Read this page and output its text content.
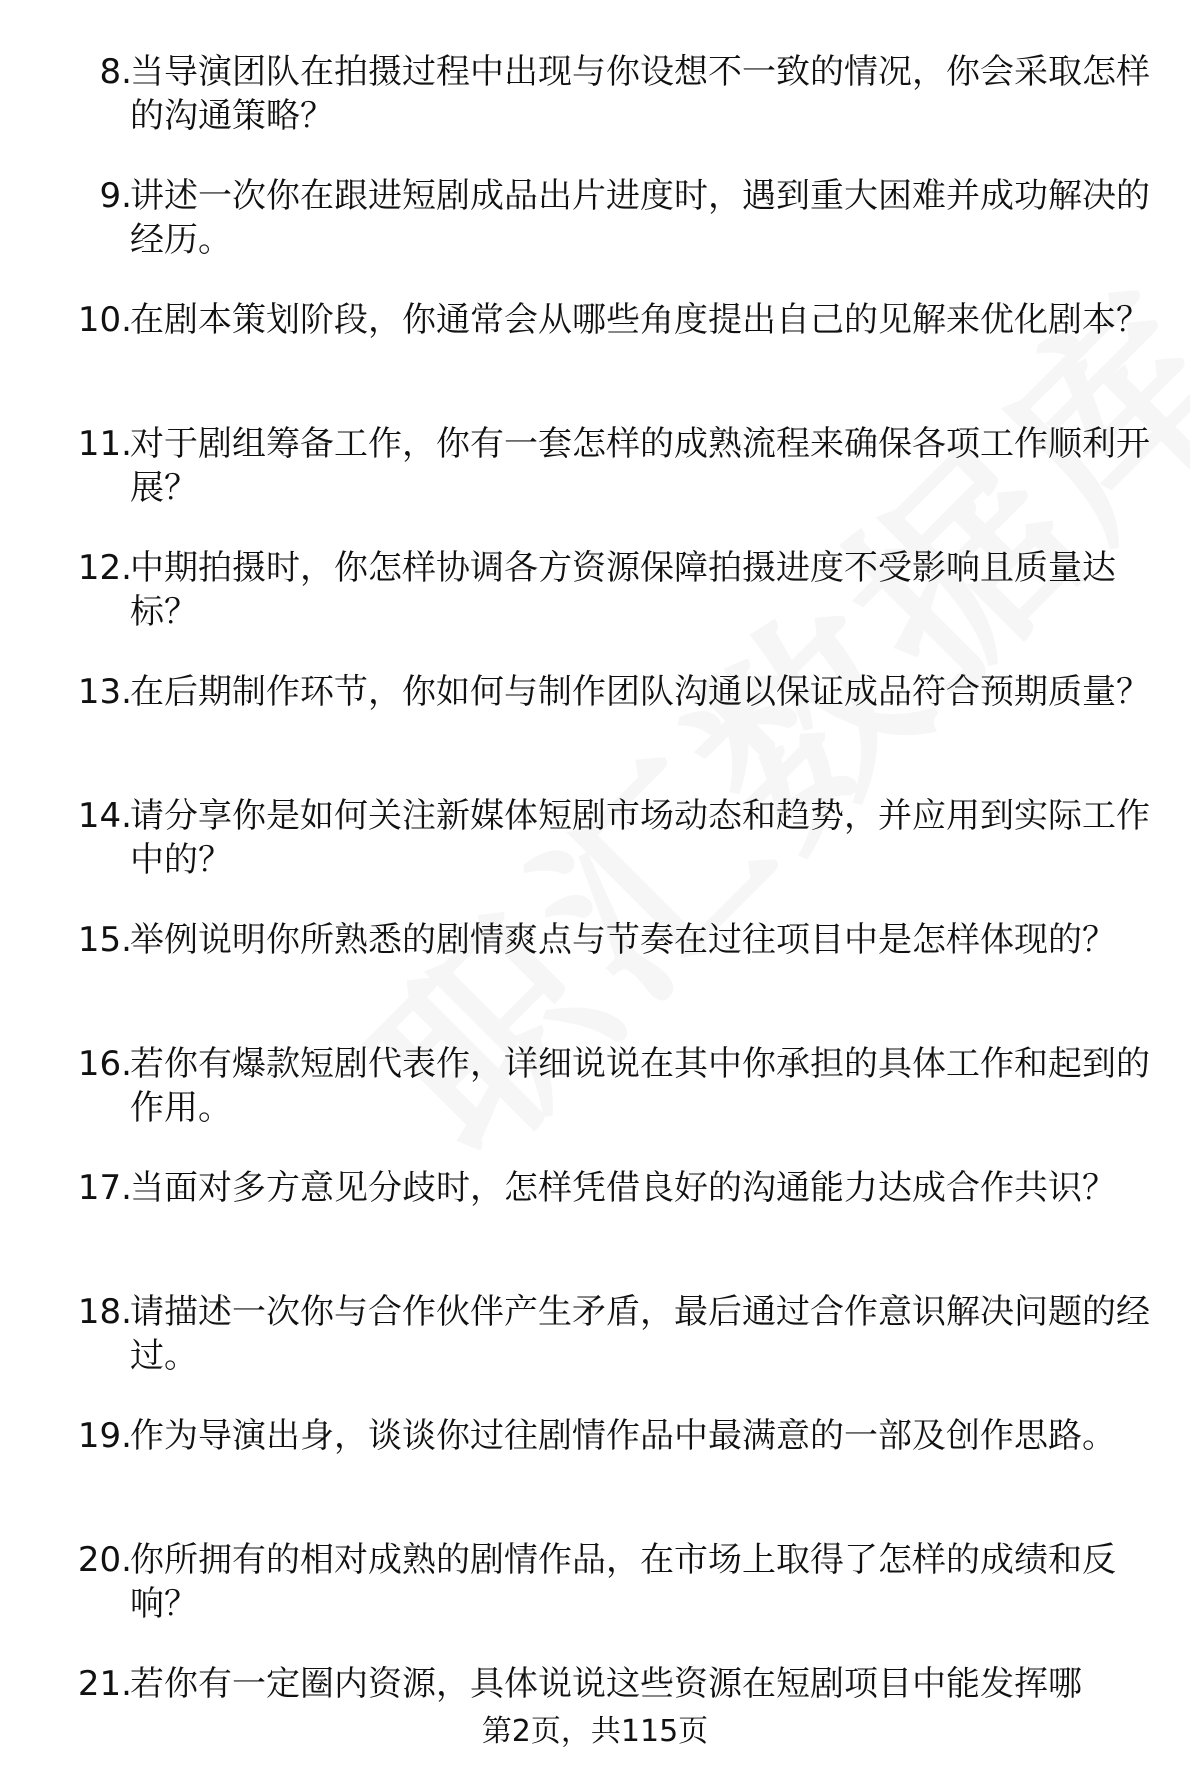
8.
当导演团队在拍摄过程中出现与你设想不一致的情况，你会采取怎样的沟通策略？
9.
讲述一次你在跟进短剧成品出片进度时，遇到重大困难并成功解决的经历。
10.
在剧本策划阶段，你通常会从哪些角度提出自己的见解来优化剧本？
11.
对于剧组筹备工作，你有一套怎样的成熟流程来确保各项工作顺利开展？
12.
中期拍摄时，你怎样协调各方资源保障拍摄进度不受影响且质量达标？
13.
在后期制作环节，你如何与制作团队沟通以保证成品符合预期质量？
14.
请分享你是如何关注新媒体短剧市场动态和趋势，并应用到实际工作中的？
15.
举例说明你所熟悉的剧情爽点与节奏在过往项目中是怎样体现的？
16.
若你有爆款短剧代表作，详细说说在其中你承担的具体工作和起到的作用。
17.
当面对多方意见分歧时，怎样凭借良好的沟通能力达成合作共识？
18.
请描述一次你与合作伙伴产生矛盾，最后通过合作意识解决问题的经过。
19.
作为导演出身，谈谈你过往剧情作品中最满意的一部及创作思路。
20.
你所拥有的相对成熟的剧情作品，在市场上取得了怎样的成绩和反响？
21.
若你有一定圈内资源，具体说说这些资源在短剧项目中能发挥哪
第2页，共115页
